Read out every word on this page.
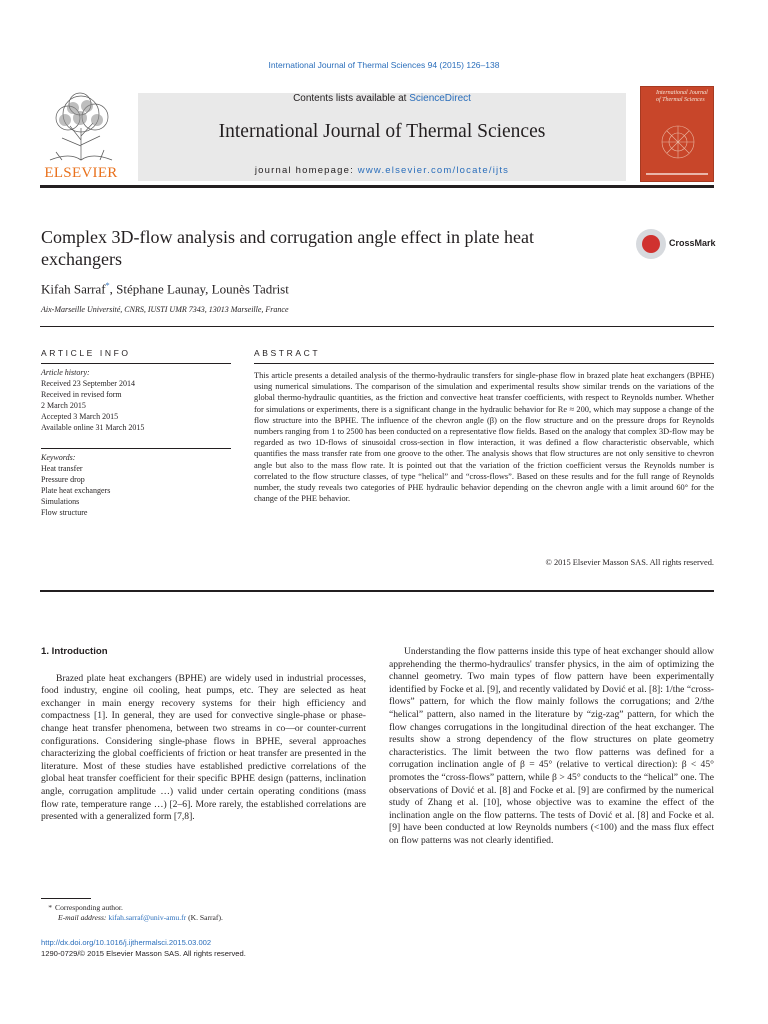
International Journal of Thermal Sciences 94 (2015) 126–138
ELSEVIER
Contents lists available at ScienceDirect
International Journal of Thermal Sciences
journal homepage: www.elsevier.com/locate/ijts
International Journal of Thermal Sciences
Complex 3D-flow analysis and corrugation angle effect in plate heat exchangers
CrossMark
Kifah Sarraf*, Stéphane Launay, Lounès Tadrist
Aix-Marseille Université, CNRS, IUSTI UMR 7343, 13013 Marseille, France
ARTICLE INFO	ABSTRACT
Article history:
Received 23 September 2014
Received in revised form
2 March 2015
Accepted 3 March 2015
Available online 31 March 2015
Keywords:
Heat transfer
Pressure drop
Plate heat exchangers
Simulations
Flow structure
This article presents a detailed analysis of the thermo-hydraulic transfers for single-phase flow in brazed plate heat exchangers (BPHE) using numerical simulations. The comparison of the simulation and experimental results show similar trends on the variations of the global thermo-hydraulic quantities, as the friction and convective heat transfer coefficients, with respect to Reynolds number. Whether for simulations or experiments, there is a significant change in the hydraulic behavior for Re ≈ 200, which may suppose a change of the flow structure into the BPHE. The influence of the chevron angle (β) on the flow structure and on the pressure drops for Reynolds numbers ranging from 1 to 2500 has been conducted on a representative flow fields. Based on the analogy that complex 3D-flow may be regarded as two 1D-flows of sinusoidal cross-section in flow interaction, it was defined a flow characteristic observable, which quantifies the mass transfer rate from one groove to the other. The analysis shows that flow structures are not only sensitive to chevron angle but also to the mass flow rate. It is pointed out that the variation of the friction coefficient versus the Reynolds number is correlated to the flow structure classes, of type “helical” and “cross-flows”. Based on these results and for the full range of Reynolds number, the study reveals two categories of PHE hydraulic behavior depending on the chevron angle with a limit around 60° for the change of the PHE behavior.
© 2015 Elsevier Masson SAS. All rights reserved.
1. Introduction

Brazed plate heat exchangers (BPHE) are widely used in industrial processes, food industry, engine oil cooling, heat pumps, etc. They are selected as heat exchanger in main energy recovery systems for their high efficiency and compactness [1]. In general, they are used for convective single-phase or phase-change heat transfer phenomena, between two streams in co—or counter-current configurations. Considering single-phase flows in BPHE, several approaches characterizing the global coefficients of friction or heat transfer are presented in the literature. Most of these studies have established predictive correlations of the global heat transfer coefficient for their specific BPHE design (patterns, inclination angle, corrugation amplitude …) valid under certain operating conditions (mass flow rate, temperature range …) [2–6]. More rarely, the established correlations are presented with a generalized form [7,8].

Understanding the flow patterns inside this type of heat exchanger should allow apprehending the thermo-hydraulics' transfer physics, in the aim of optimizing the channel geometry. Two main types of flow pattern have been experimentally identified by Focke et al. [9], and recently validated by Dović et al. [8]: 1/the “cross-flows” pattern, for which the flow mainly follows the corrugations; and 2/the “helical” pattern, also named in the literature by “zig-zag” pattern, for which the flow changes corrugations in the longitudinal direction of the heat exchanger. The results show a strong dependency of the flow structures on plate geometry characteristics. The limit between the two flow patterns was defined for a corrugation inclination angle of β = 45° (relative to vertical direction): β < 45° promotes the “cross-flows” pattern, while β > 45° conducts to the “helical” one. The observations of Dović et al. [8] and Focke et al. [9] are confirmed by the numerical study of Zhang et al. [10], whose objective was to examine the effect of the inclination angle on the flow patterns. The tests of Dović et al. [8] and Focke et al. [9] have been conducted at low Reynolds numbers (<100) and the mass flux effect on flow patterns was not clearly identified.

* Corresponding author.
E-mail address: kifah.sarraf@univ-amu.fr (K. Sarraf).
http://dx.doi.org/10.1016/j.ijthermalsci.2015.03.002
1290-0729/© 2015 Elsevier Masson SAS. All rights reserved.
